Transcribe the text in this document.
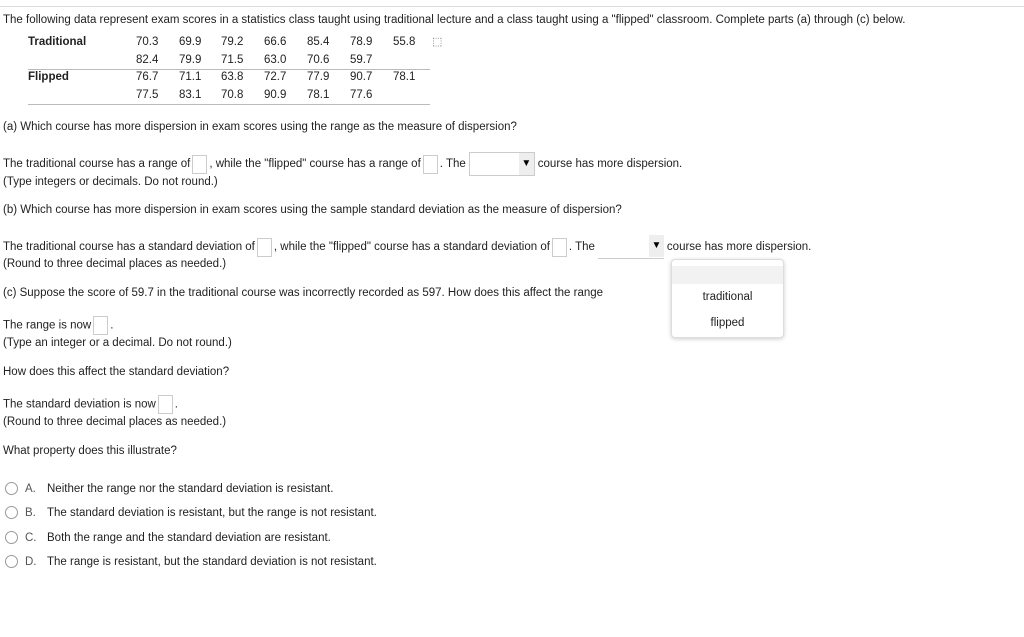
The following data represent exam scores in a statistics class taught using traditional lecture and a class taught using a "flipped" classroom. Complete parts (a) through (c) below.
Traditional	70.3 69.9 79.2 66.6 85.4 78.9 55.8
82.4 79.9 71.5 63.0 70.6 59.7
Flipped	76.7 71.1 63.8 72.7 77.9 90.7 78.1
77.5 83.1 70.8 90.9 78.1 77.6
⬚
(a) Which course has more dispersion in exam scores using the range as the measure of dispersion?
The traditional course has a range of , while the "flipped" course has a range of . The	▼ course has more dispersion.
(Type integers or decimals. Do not round.)
(b) Which course has more dispersion in exam scores using the sample standard deviation as the measure of dispersion?
The traditional course has a standard deviation of , while the "flipped" course has a standard deviation of . The	▼ course has more dispersion.
(Round to three decimal places as needed.)
(c) Suppose the score of 59.7 in the traditional course was incorrectly recorded as 597. How does this affect the range
The range is now .
(Type an integer or a decimal. Do not round.)
How does this affect the standard deviation?
The standard deviation is now .
(Round to three decimal places as needed.)
What property does this illustrate?
A. Neither the range nor the standard deviation is resistant.
B. The standard deviation is resistant, but the range is not resistant.
C. Both the range and the standard deviation are resistant.
D. The range is resistant, but the standard deviation is not resistant.
traditional
flipped
